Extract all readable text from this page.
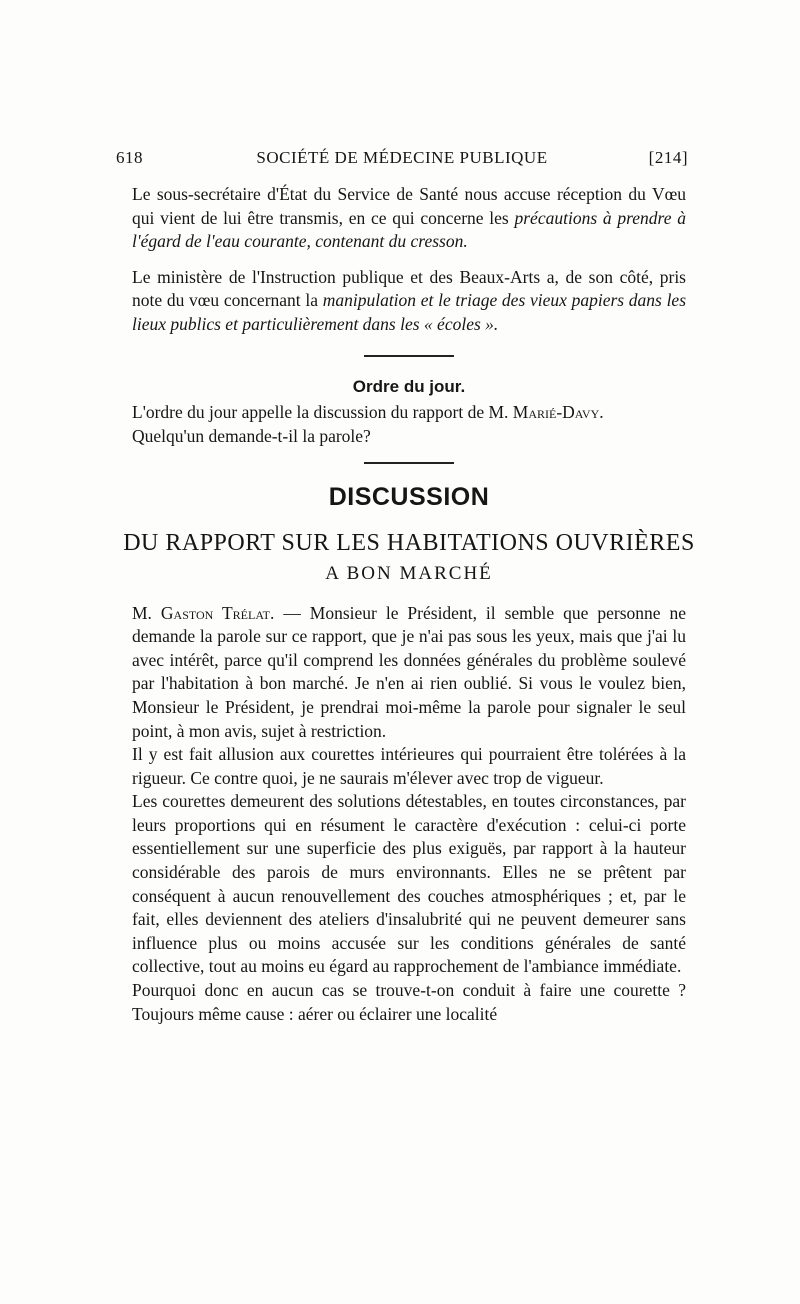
618	SOCIÉTÉ DE MÉDECINE PUBLIQUE	[214]

Le sous-secrétaire d'État du Service de Santé nous accuse réception du Vœu qui vient de lui être transmis, en ce qui concerne les précautions à prendre à l'égard de l'eau courante, contenant du cresson.

Le ministère de l'Instruction publique et des Beaux-Arts a, de son côté, pris note du vœu concernant la manipulation et le triage des vieux papiers dans les lieux publics et particulièrement dans les « écoles ».

Ordre du jour.

L'ordre du jour appelle la discussion du rapport de M. Marié-Davy.

Quelqu'un demande-t-il la parole?

DISCUSSION
DU RAPPORT SUR LES HABITATIONS OUVRIÈRES
A BON MARCHÉ

M. Gaston Trélat. — Monsieur le Président, il semble que personne ne demande la parole sur ce rapport, que je n'ai pas sous les yeux, mais que j'ai lu avec intérêt, parce qu'il comprend les données générales du problème soulevé par l'habitation à bon marché. Je n'en ai rien oublié. Si vous le voulez bien, Monsieur le Président, je prendrai moi-même la parole pour signaler le seul point, à mon avis, sujet à restriction.

Il y est fait allusion aux courettes intérieures qui pourraient être tolérées à la rigueur. Ce contre quoi, je ne saurais m'élever avec trop de vigueur.

Les courettes demeurent des solutions détestables, en toutes circonstances, par leurs proportions qui en résument le caractère d'exécution : celui-ci porte essentiellement sur une superficie des plus exiguës, par rapport à la hauteur considérable des parois de murs environnants. Elles ne se prêtent par conséquent à aucun renouvellement des couches atmosphériques ; et, par le fait, elles deviennent des ateliers d'insalubrité qui ne peuvent demeurer sans influence plus ou moins accusée sur les conditions générales de santé collective, tout au moins eu égard au rapprochement de l'ambiance immédiate.

Pourquoi donc en aucun cas se trouve-t-on conduit à faire une courette ? Toujours même cause : aérer ou éclairer une localité
